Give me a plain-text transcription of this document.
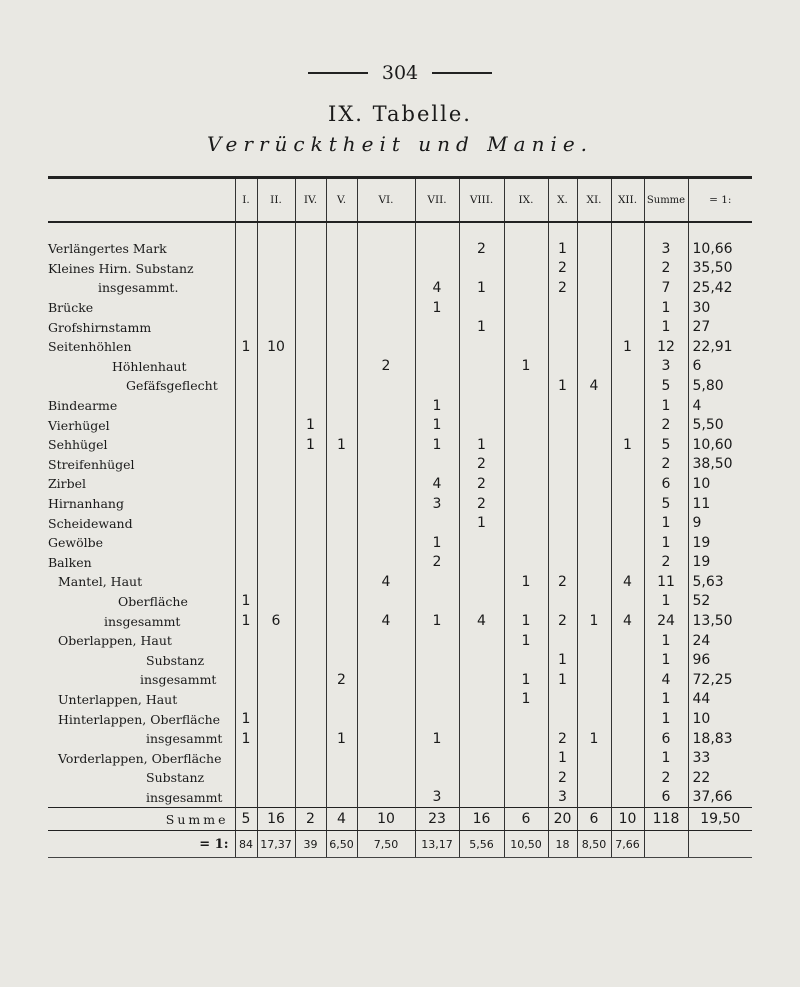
304
IX. Tabelle.
Verrücktheit und Manie.
	I.	II.	IV.	V.	VI.	VII.	VIII.	IX.	X.	XI.	XII.	Summe	= 1:

Verlängertes Mark							2		1			3	10,66
Kleines Hirn. Substanz									2			2	35,50
insgesammt.						4	1		2			7	25,42
Brücke						1						1	30
Grofshirnstamm							1					1	27
Seitenhöhlen	1	10									1	12	22,91
Höhlenhaut					2			1				3	6
Gefäfsgeflecht									1	4		5	5,80
Bindearme						1						1	4
Vierhügel			1			1						2	5,50
Sehhügel			1	1		1	1				1	5	10,60
Streifenhügel							2					2	38,50
Zirbel						4	2					6	10
Hirnanhang						3	2					5	11
Scheidewand							1					1	9
Gewölbe						1						1	19
Balken						2						2	19
Mantel, Haut					4			1	2		4	11	5,63
Oberfläche	1											1	52
insgesammt	1	6			4	1	4	1	2	1	4	24	13,50
Oberlappen, Haut								1				1	24
Substanz									1			1	96
insgesammt				2				1	1			4	72,25
Unterlappen, Haut								1				1	44
Hinterlappen, Oberfläche	1											1	10
insgesammt	1			1		1			2	1		6	18,83
Vorderlappen, Oberfläche									1			1	33
Substanz									2			2	22
insgesammt						3			3			6	37,66
Summe	5	16	2	4	10	23	16	6	20	6	10	118	19,50
= 1:	84	17,37	39	6,50	7,50	13,17	5,56	10,50	18	8,50	7,66		
